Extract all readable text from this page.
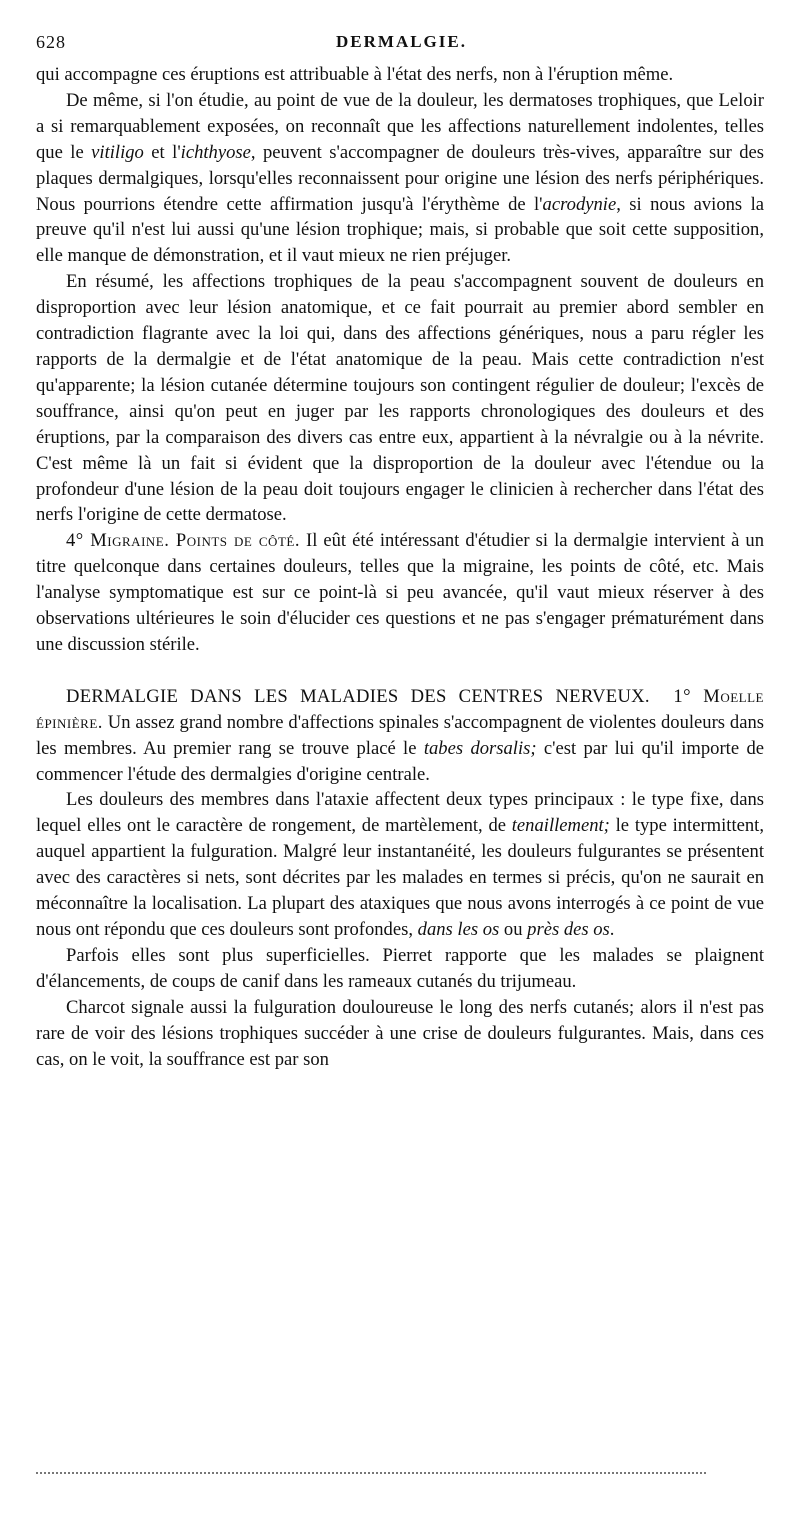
628	DERMALGIE.

qui accompagne ces éruptions est attribuable à l'état des nerfs, non à l'éruption même.

De même, si l'on étudie, au point de vue de la douleur, les dermatoses trophiques, que Leloir a si remarquablement exposées, on reconnaît que les affections naturellement indolentes, telles que le vitiligo et l'ichthyose, peuvent s'accompagner de douleurs très-vives, apparaître sur des plaques dermalgiques, lorsqu'elles reconnaissent pour origine une lésion des nerfs périphériques. Nous pourrions étendre cette affirmation jusqu'à l'érythème de l'acrodynie, si nous avions la preuve qu'il n'est lui aussi qu'une lésion trophique; mais, si probable que soit cette supposition, elle manque de démonstration, et il vaut mieux ne rien préjuger.

En résumé, les affections trophiques de la peau s'accompagnent souvent de douleurs en disproportion avec leur lésion anatomique, et ce fait pourrait au premier abord sembler en contradiction flagrante avec la loi qui, dans des affections génériques, nous a paru régler les rapports de la dermalgie et de l'état anatomique de la peau. Mais cette contradiction n'est qu'apparente; la lésion cutanée détermine toujours son contingent régulier de douleur; l'excès de souffrance, ainsi qu'on peut en juger par les rapports chronologiques des douleurs et des éruptions, par la comparaison des divers cas entre eux, appartient à la névralgie ou à la névrite. C'est même là un fait si évident que la disproportion de la douleur avec l'étendue ou la profondeur d'une lésion de la peau doit toujours engager le clinicien à rechercher dans l'état des nerfs l'origine de cette dermatose.

4° Migraine. Points de côté. Il eût été intéressant d'étudier si la dermalgie intervient à un titre quelconque dans certaines douleurs, telles que la migraine, les points de côté, etc. Mais l'analyse symptomatique est sur ce point-là si peu avancée, qu'il vaut mieux réserver à des observations ultérieures le soin d'élucider ces questions et ne pas s'engager prématurément dans une discussion stérile.

DERMALGIE DANS LES MALADIES DES CENTRES NERVEUX. 1° Moelle épinière. Un assez grand nombre d'affections spinales s'accompagnent de violentes douleurs dans les membres. Au premier rang se trouve placé le tabes dorsalis; c'est par lui qu'il importe de commencer l'étude des dermalgies d'origine centrale.

Les douleurs des membres dans l'ataxie affectent deux types principaux : le type fixe, dans lequel elles ont le caractère de rongement, de martèlement, de tenaillement; le type intermittent, auquel appartient la fulguration. Malgré leur instantanéité, les douleurs fulgurantes se présentent avec des caractères si nets, sont décrites par les malades en termes si précis, qu'on ne saurait en méconnaître la localisation. La plupart des ataxiques que nous avons interrogés à ce point de vue nous ont répondu que ces douleurs sont profondes, dans les os ou près des os.

Parfois elles sont plus superficielles. Pierret rapporte que les malades se plaignent d'élancements, de coups de canif dans les rameaux cutanés du trijumeau.

Charcot signale aussi la fulguration douloureuse le long des nerfs cutanés; alors il n'est pas rare de voir des lésions trophiques succéder à une crise de douleurs fulgurantes. Mais, dans ces cas, on le voit, la souffrance est par son
